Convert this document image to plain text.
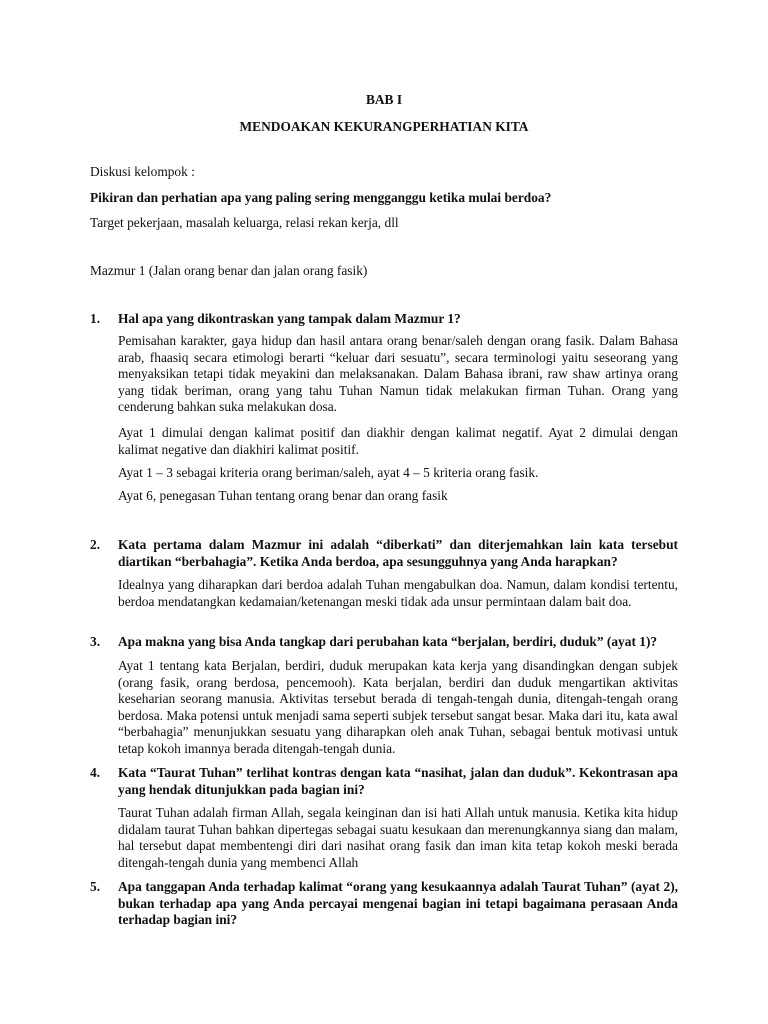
BAB I

MENDOAKAN KEKURANGPERHATIAN KITA

Diskusi kelompok :

Pikiran dan perhatian apa yang paling sering mengganggu ketika mulai berdoa?

Target pekerjaan, masalah keluarga, relasi rekan kerja, dll

Mazmur 1 (Jalan orang benar dan jalan orang fasik)

1.	Hal apa yang dikontraskan yang tampak dalam Mazmur 1?

Pemisahan karakter, gaya hidup dan hasil antara orang benar/saleh dengan orang fasik. Dalam Bahasa arab, fhaasiq secara etimologi berarti “keluar dari sesuatu”, secara terminologi yaitu seseorang yang menyaksikan tetapi tidak meyakini dan melaksanakan. Dalam Bahasa ibrani, raw shaw artinya orang yang tidak beriman, orang yang tahu Tuhan Namun tidak melakukan firman Tuhan. Orang yang cenderung bahkan suka melakukan dosa.

Ayat 1 dimulai dengan kalimat positif dan diakhir dengan kalimat negatif. Ayat 2 dimulai dengan kalimat negative dan diakhiri kalimat positif.

Ayat 1 – 3 sebagai kriteria orang beriman/saleh, ayat 4 – 5 kriteria orang fasik.

Ayat 6, penegasan Tuhan tentang orang benar dan orang fasik

2.	Kata pertama dalam Mazmur ini adalah “diberkati” dan diterjemahkan lain kata tersebut diartikan “berbahagia”. Ketika Anda berdoa, apa sesungguhnya yang Anda harapkan?

Idealnya yang diharapkan dari berdoa adalah Tuhan mengabulkan doa. Namun, dalam kondisi tertentu, berdoa mendatangkan kedamaian/ketenangan meski tidak ada unsur permintaan dalam bait doa.

3.	Apa makna yang bisa Anda tangkap dari perubahan kata “berjalan, berdiri, duduk” (ayat 1)?

Ayat 1 tentang kata Berjalan, berdiri, duduk merupakan kata kerja yang disandingkan dengan subjek (orang fasik, orang berdosa, pencemooh). Kata berjalan, berdiri dan duduk mengartikan aktivitas keseharian seorang manusia. Aktivitas tersebut berada di tengah-tengah dunia, ditengah-tengah orang berdosa. Maka potensi untuk menjadi sama seperti subjek tersebut sangat besar. Maka dari itu, kata awal “berbahagia” menunjukkan sesuatu yang diharapkan oleh anak Tuhan, sebagai bentuk motivasi untuk tetap kokoh imannya berada ditengah-tengah dunia.

4.	Kata “Taurat Tuhan” terlihat kontras dengan kata “nasihat, jalan dan duduk”. Kekontrasan apa yang hendak ditunjukkan pada bagian ini?

Taurat Tuhan adalah firman Allah, segala keinginan dan isi hati Allah untuk manusia. Ketika kita hidup didalam taurat Tuhan bahkan dipertegas sebagai suatu kesukaan dan merenungkannya siang dan malam, hal tersebut dapat membentengi diri dari nasihat orang fasik dan iman kita tetap kokoh meski berada ditengah-tengah dunia yang membenci Allah

5.	Apa tanggapan Anda terhadap kalimat “orang yang kesukaannya adalah Taurat Tuhan” (ayat 2), bukan terhadap apa yang Anda percayai mengenai bagian ini tetapi bagaimana perasaan Anda terhadap bagian ini?
